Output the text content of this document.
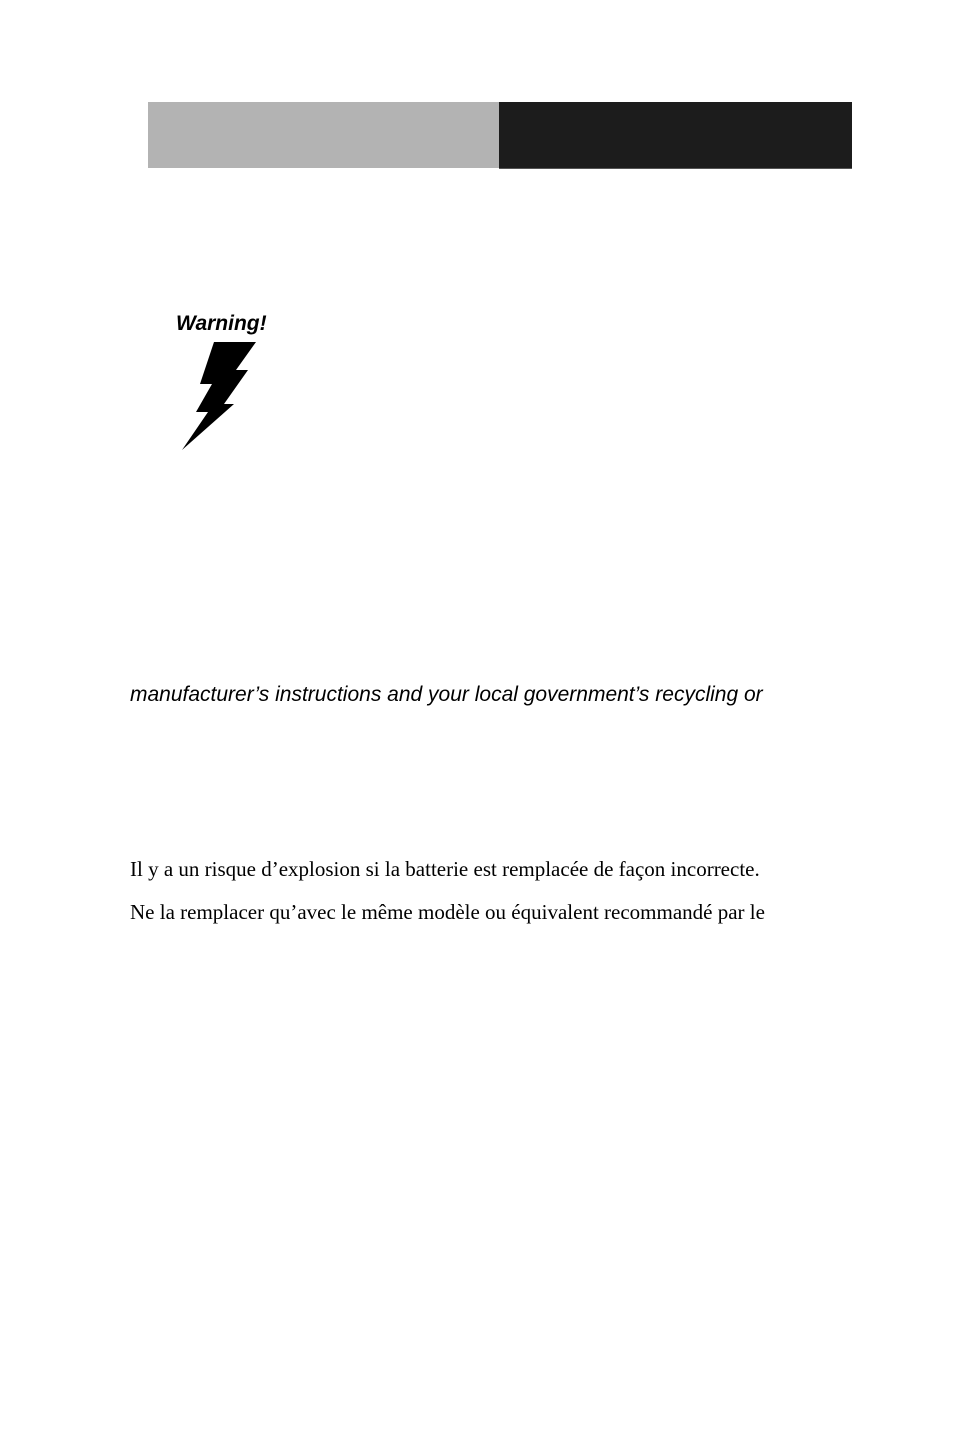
Warning!
manufacturer’s instructions and your local government’s recycling or
Il y a un risque d’explosion si la batterie est remplacée de façon incorrecte.
Ne la remplacer qu’avec le même modèle ou équivalent recommandé par le
